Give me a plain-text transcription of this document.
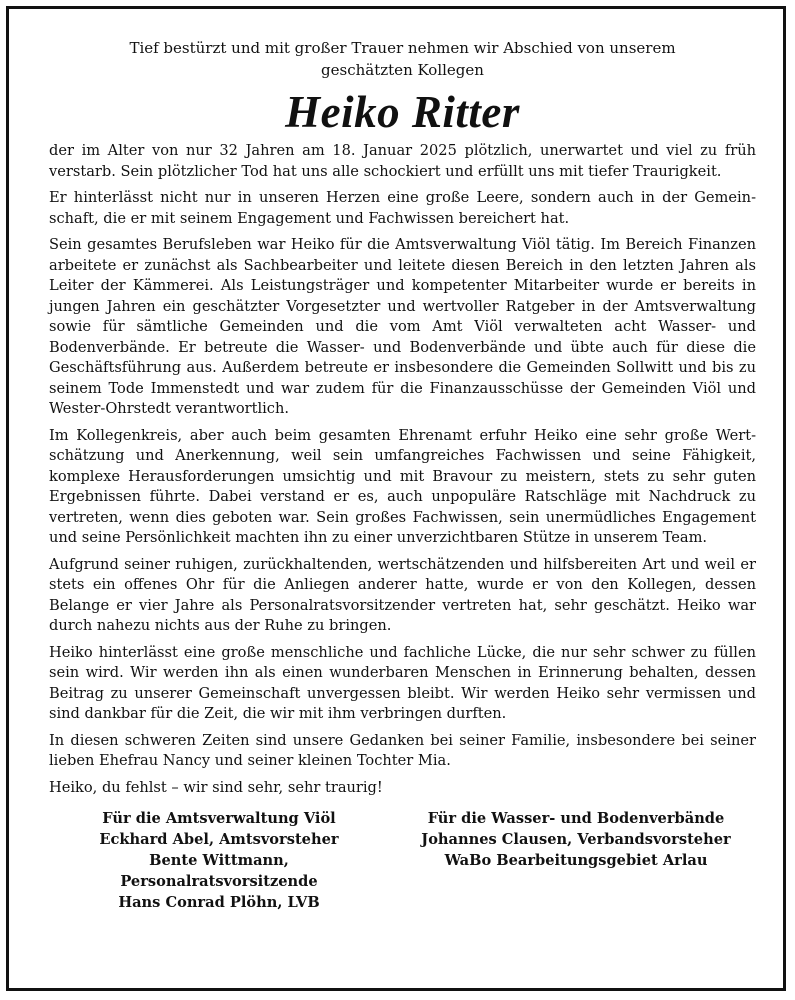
Tief bestürzt und mit großer Trauer nehmen wir Abschied von unserem
geschätzten Kollegen

Heiko Ritter

der im Alter von nur 32 Jahren am 18. Januar 2025 plötzlich, unerwartet und viel zu früh verstarb. Sein plötzlicher Tod hat uns alle schockiert und erfüllt uns mit tiefer Traurigkeit.

Er hinterlässt nicht nur in unseren Herzen eine große Leere, sondern auch in der Gemeinschaft, die er mit seinem Engagement und Fachwissen bereichert hat.

Sein gesamtes Berufsleben war Heiko für die Amtsverwaltung Viöl tätig. Im Bereich Finanzen arbeitete er zunächst als Sachbearbeiter und leitete diesen Bereich in den letzten Jahren als Leiter der Kämmerei. Als Leistungsträger und kompetenter Mitarbeiter wurde er bereits in jungen Jahren ein geschätzter Vorgesetzter und wertvoller Ratgeber in der Amtsverwaltung sowie für sämtliche Gemeinden und die vom Amt Viöl verwalteten acht Wasser- und Bodenverbände. Er betreute die Wasser- und Bodenverbände und übte auch für diese die Geschäftsführung aus. Außerdem betreute er insbesondere die Gemeinden Sollwitt und bis zu seinem Tode Immenstedt und war zudem für die Finanzausschüsse der Gemeinden Viöl und Wester-Ohrstedt verantwortlich.

Im Kollegenkreis, aber auch beim gesamten Ehrenamt erfuhr Heiko eine sehr große Wertschätzung und Anerkennung, weil sein umfangreiches Fachwissen und seine Fähigkeit, komplexe Herausforderungen umsichtig und mit Bravour zu meistern, stets zu sehr guten Ergebnissen führte. Dabei verstand er es, auch unpopuläre Ratschläge mit Nachdruck zu vertreten, wenn dies geboten war. Sein großes Fachwissen, sein unermüdliches Engagement und seine Persönlichkeit machten ihn zu einer unverzichtbaren Stütze in unserem Team.

Aufgrund seiner ruhigen, zurückhaltenden, wertschätzenden und hilfsbereiten Art und weil er stets ein offenes Ohr für die Anliegen anderer hatte, wurde er von den Kollegen, dessen Belange er vier Jahre als Personalratsvorsitzender vertreten hat, sehr geschätzt. Heiko war durch nahezu nichts aus der Ruhe zu bringen.

Heiko hinterlässt eine große menschliche und fachliche Lücke, die nur sehr schwer zu füllen sein wird. Wir werden ihn als einen wunderbaren Menschen in Erinnerung behalten, dessen Beitrag zu unserer Gemeinschaft unvergessen bleibt. Wir werden Heiko sehr vermissen und sind dankbar für die Zeit, die wir mit ihm verbringen durften.

In diesen schweren Zeiten sind unsere Gedanken bei seiner Familie, insbesondere bei seiner lieben Ehefrau Nancy und seiner kleinen Tochter Mia.

Heiko, du fehlst – wir sind sehr, sehr traurig!

Für die Amtsverwaltung Viöl
Eckhard Abel, Amtsvorsteher
Bente Wittmann,
Personalratsvorsitzende
Hans Conrad Plöhn, LVB
Für die Wasser- und Bodenverbände
Johannes Clausen, Verbandsvorsteher
WaBo Bearbeitungsgebiet Arlau
